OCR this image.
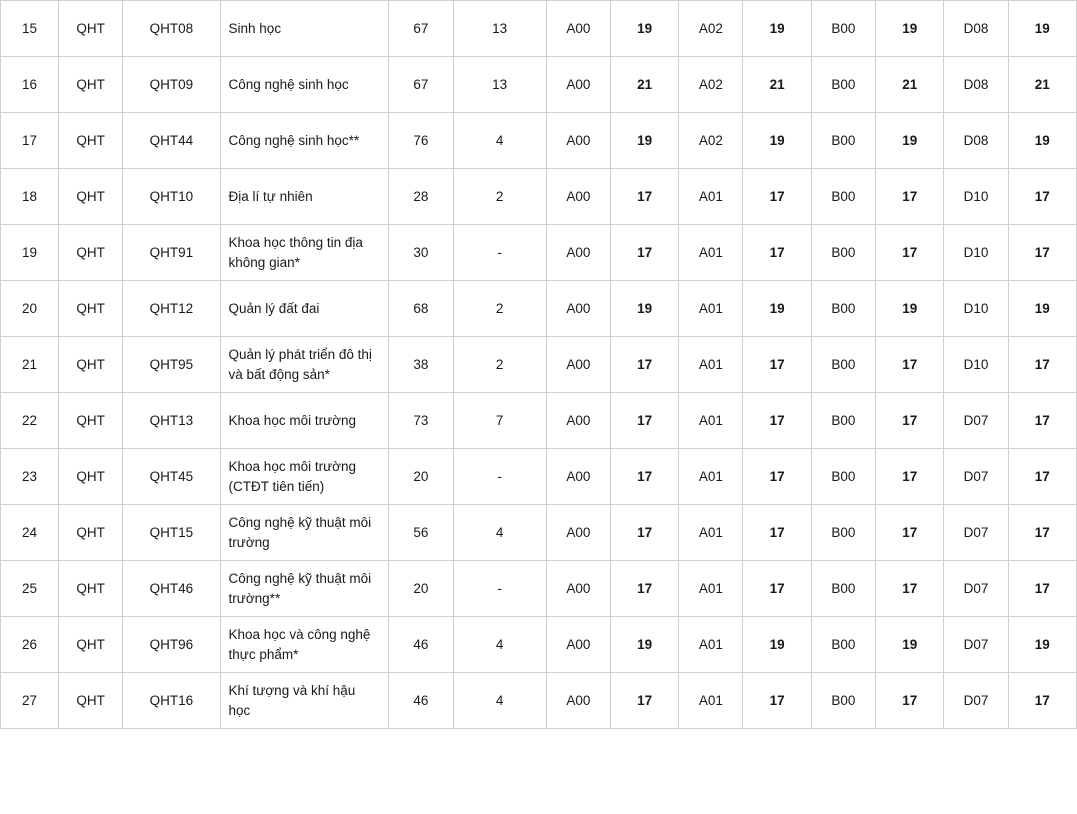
15	QHT	QHT08	Sinh học	67	13	A00	19	A02	19	B00	19	D08	19
16	QHT	QHT09	Công nghệ sinh học	67	13	A00	21	A02	21	B00	21	D08	21
17	QHT	QHT44	Công nghệ sinh học**	76	4	A00	19	A02	19	B00	19	D08	19
18	QHT	QHT10	Địa lí tự nhiên	28	2	A00	17	A01	17	B00	17	D10	17
19	QHT	QHT91	Khoa học thông tin địa không gian*	30	-	A00	17	A01	17	B00	17	D10	17
20	QHT	QHT12	Quản lý đất đai	68	2	A00	19	A01	19	B00	19	D10	19
21	QHT	QHT95	Quản lý phát triển đô thị và bất động sản*	38	2	A00	17	A01	17	B00	17	D10	17
22	QHT	QHT13	Khoa học môi trường	73	7	A00	17	A01	17	B00	17	D07	17
23	QHT	QHT45	Khoa học môi trường (CTĐT tiên tiến)	20	-	A00	17	A01	17	B00	17	D07	17
24	QHT	QHT15	Công nghệ kỹ thuật môi trường	56	4	A00	17	A01	17	B00	17	D07	17
25	QHT	QHT46	Công nghệ kỹ thuật môi trường**	20	-	A00	17	A01	17	B00	17	D07	17
26	QHT	QHT96	Khoa học và công nghệ thực phẩm*	46	4	A00	19	A01	19	B00	19	D07	19
27	QHT	QHT16	Khí tượng và khí hậu học	46	4	A00	17	A01	17	B00	17	D07	17
